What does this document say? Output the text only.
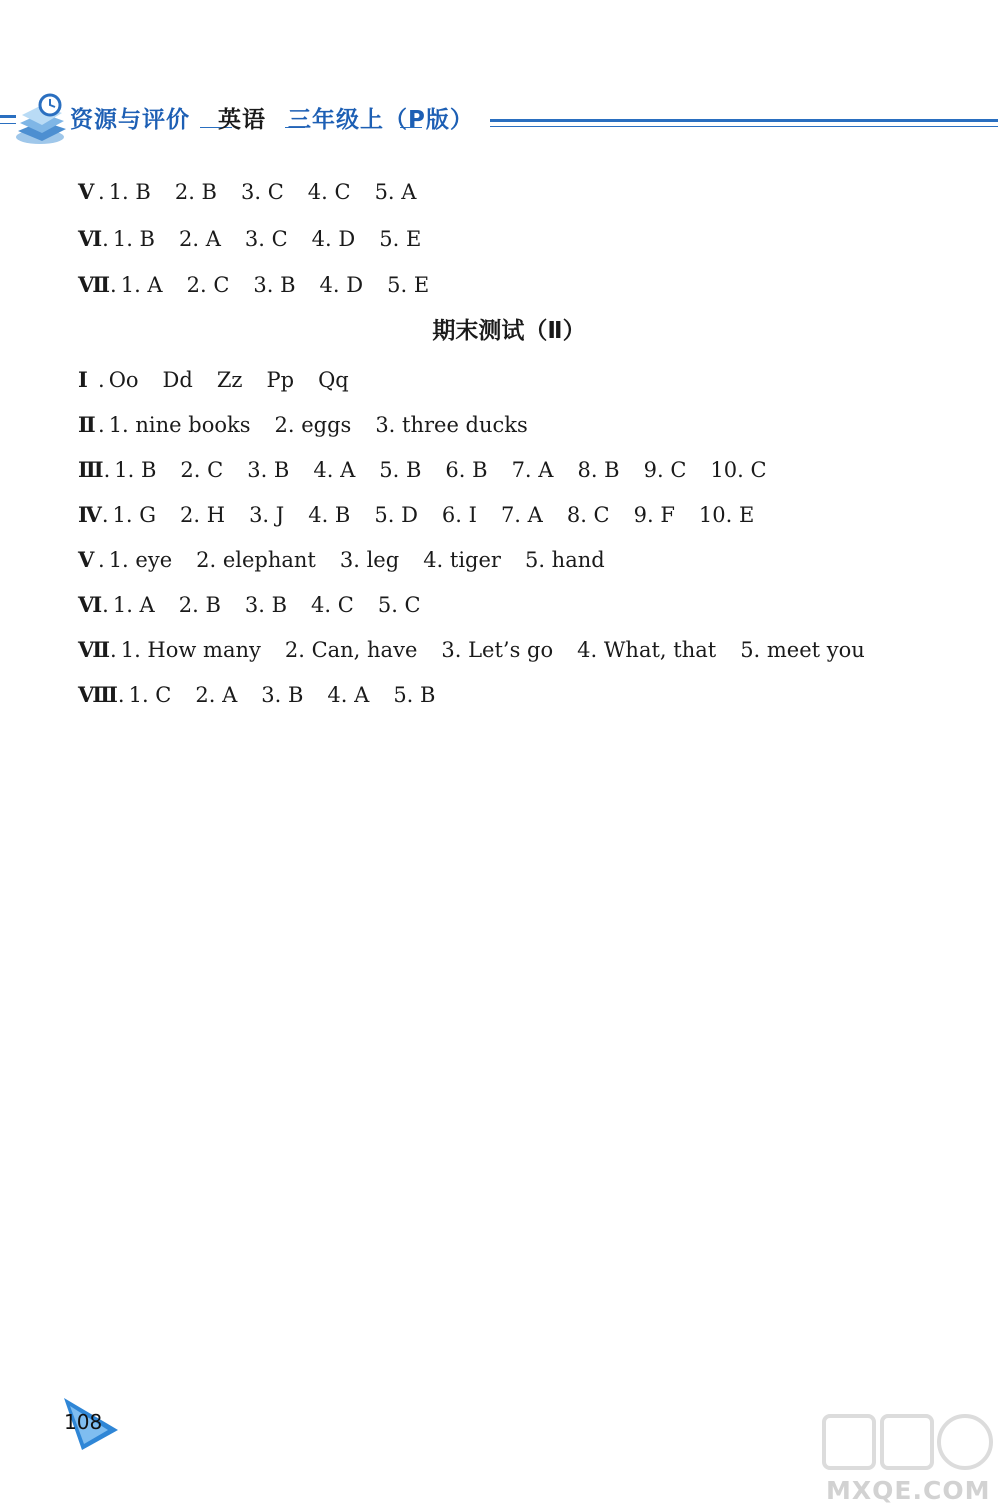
资源与评价 英语 三年级上（P版）
Ⅴ . 1. B 2. B 3. C 4. C 5. A
Ⅵ . 1. B 2. A 3. C 4. D 5. E
Ⅶ . 1. A 2. C 3. B 4. D 5. E
期末测试（Ⅱ）
Ⅰ . Oo Dd Zz Pp Qq
Ⅱ . 1. nine books 2. eggs 3. three ducks
Ⅲ . 1. B 2. C 3. B 4. A 5. B 6. B 7. A 8. B 9. C 10. C
Ⅳ . 1. G 2. H 3. J 4. B 5. D 6. I 7. A 8. C 9. F 10. E
Ⅴ . 1. eye 2. elephant 3. leg 4. tiger 5. hand
Ⅵ . 1. A 2. B 3. B 4. C 5. C
Ⅶ . 1. How many 2. Can, have 3. Let’s go 4. What, that 5. meet you
Ⅷ . 1. C 2. A 3. B 4. A 5. B
108
MXQE.COM
